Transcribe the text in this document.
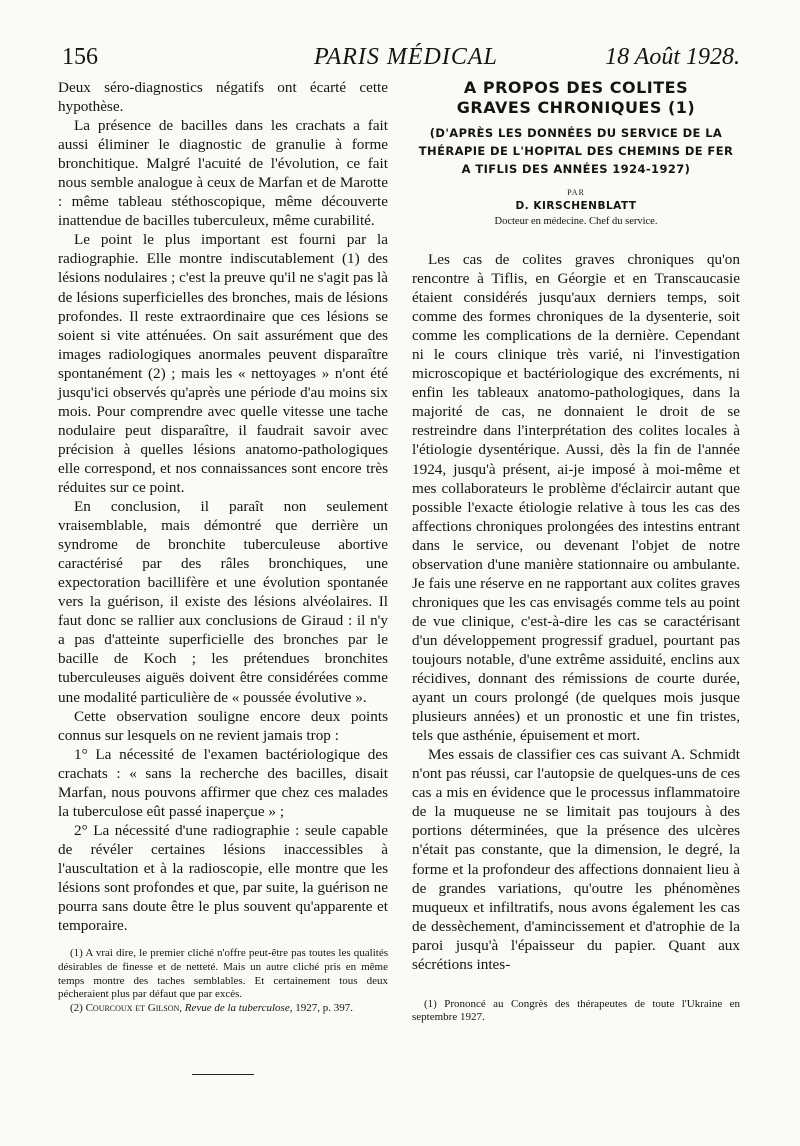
156	PARIS MÉDICAL	18 Août 1928.

Deux séro-diagnostics négatifs ont écarté cette hypothèse.

La présence de bacilles dans les crachats a fait aussi éliminer le diagnostic de granulie à forme bronchitique. Malgré l'acuité de l'évolution, ce fait nous semble analogue à ceux de Marfan et de Marotte : même tableau stéthoscopique, même découverte inattendue de bacilles tuberculeux, même curabilité.

Le point le plus important est fourni par la radiographie. Elle montre indiscutablement (1) des lésions nodulaires ; c'est la preuve qu'il ne s'agit pas là de lésions superficielles des bronches, mais de lésions profondes. Il reste extraordinaire que ces lésions se soient si vite atténuées. On sait assurément que des images radiologiques anormales peuvent disparaître spontanément (2) ; mais les « nettoyages » n'ont été jusqu'ici observés qu'après une période d'au moins six mois. Pour comprendre avec quelle vitesse une tache nodulaire peut disparaître, il faudrait savoir avec précision à quelles lésions anatomo-pathologiques elle correspond, et nos connaissances sont encore très réduites sur ce point.

En conclusion, il paraît non seulement vraisemblable, mais démontré que derrière un syndrome de bronchite tuberculeuse abortive caractérisé par des râles bronchiques, une expectoration bacillifère et une évolution spontanée vers la guérison, il existe des lésions alvéolaires. Il faut donc se rallier aux conclusions de Giraud : il n'y a pas d'atteinte superficielle des bronches par le bacille de Koch ; les prétendues bronchites tuberculeuses aiguës doivent être considérées comme une modalité particulière de « poussée évolutive ».

Cette observation souligne encore deux points connus sur lesquels on ne revient jamais trop :

1° La nécessité de l'examen bactériologique des crachats : « sans la recherche des bacilles, disait Marfan, nous pouvons affirmer que chez ces malades la tuberculose eût passé inaperçue » ;

2° La nécessité d'une radiographie : seule capable de révéler certaines lésions inaccessibles à l'auscultation et à la radioscopie, elle montre que les lésions sont profondes et que, par suite, la guérison ne pourra sans doute être le plus souvent qu'apparente et temporaire.

(1) A vrai dire, le premier cliché n'offre peut-être pas toutes les qualités désirables de finesse et de netteté. Mais un autre cliché pris en même temps montre des taches semblables. Et certainement tous deux pécheraient plus par défaut que par excès.

(2) Courcoux et Gilson, Revue de la tuberculose, 1927, p. 397.

A PROPOS DES COLITES
GRAVES CHRONIQUES (1)

(D'APRÈS LES DONNÉES DU SERVICE DE LA THÉRAPIE DE L'HOPITAL DES CHEMINS DE FER A TIFLIS DES ANNÉES 1924-1927)

PAR

D. KIRSCHENBLATT

Docteur en médecine. Chef du service.

Les cas de colites graves chroniques qu'on rencontre à Tiflis, en Géorgie et en Transcaucasie étaient considérés jusqu'aux derniers temps, soit comme des formes chroniques de la dysenterie, soit comme les complications de la dernière. Cependant ni le cours clinique très varié, ni l'investigation microscopique et bactériologique des excréments, ni enfin les tableaux anatomo-pathologiques, dans la majorité de cas, ne donnaient le droit de se restreindre dans l'interprétation des colites locales à l'étiologie dysentérique. Aussi, dès la fin de l'année 1924, jusqu'à présent, ai-je imposé à moi-même et mes collaborateurs le problème d'éclaircir autant que possible l'exacte étiologie relative à tous les cas des affections chroniques prolongées des intestins entrant dans le service, ou devenant l'objet de notre observation d'une manière stationnaire ou ambulante. Je fais une réserve en ne rapportant aux colites graves chroniques que les cas envisagés comme tels au point de vue clinique, c'est-à-dire les cas se caractérisant d'un développement progressif graduel, pourtant pas toujours notable, d'une extrême assiduité, enclins aux récidives, donnant des rémissions de courte durée, ayant un cours prolongé (de quelques mois jusque plusieurs années) et un pronostic et une fin tristes, tels que asthénie, épuisement et mort.

Mes essais de classifier ces cas suivant A. Schmidt n'ont pas réussi, car l'autopsie de quelques-uns de ces cas a mis en évidence que le processus inflammatoire de la muqueuse ne se limitait pas toujours à des portions déterminées, que la présence des ulcères n'était pas constante, que la dimension, le degré, la forme et la profondeur des affections donnaient lieu à de grandes variations, qu'outre les phénomènes muqueux et infiltratifs, nous avons également les cas de dessèchement, d'amincissement et d'atrophie de la paroi jusqu'à l'épaisseur du papier. Quant aux sécrétions intes-

(1) Prononcé au Congrès des thérapeutes de toute l'Ukraine en septembre 1927.
